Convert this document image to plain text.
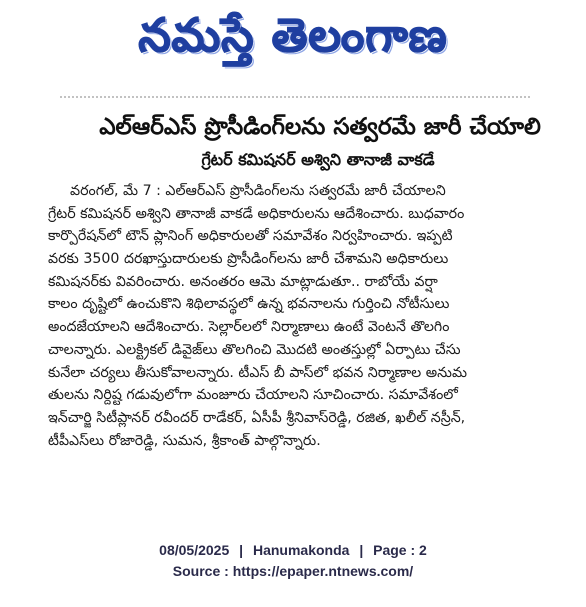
నమస్తే తెలంగాణ
ఎల్ఆర్ఎస్ ప్రొసీడింగ్‌లను సత్వరమే జారీ చేయాలి
గ్రేటర్ కమిషనర్ అశ్విని తానాజీ వాకడే
వరంగల్, మే 7 : ఎల్ఆర్ఎస్ ప్రొసీడింగ్‌లను సత్వరమే జారీ చేయాలని
గ్రేటర్ కమిషనర్ అశ్విని తానాజీ వాకడే అధికారులను ఆదేశించారు. బుధవారం
కార్పొరేషన్‌లో టౌన్ ప్లానింగ్ అధికారులతో సమావేశం నిర్వహించారు. ఇప్పటి
వరకు 3500 దరఖాస్తుదారులకు ప్రొసీడింగ్‌లను జారీ చేశామని అధికారులు
కమిషనర్‌కు వివరించారు. అనంతరం ఆమె మాట్లాడుతూ.. రాబోయే వర్షా
కాలం దృష్టిలో ఉంచుకొని శిథిలావస్థలో ఉన్న భవనాలను గుర్తించి నోటీసులు
అందజేయాలని ఆదేశించారు. సెల్లార్‌లలో నిర్మాణాలు ఉంటే వెంటనే తొలగిం
చాలన్నారు. ఎలక్ట్రికల్ డివైజ్‌లు తొలగించి మొదటి అంతస్తుల్లో ఏర్పాటు చేసు
కునేలా చర్యలు తీసుకోవాలన్నారు. టీఎస్ బీ పాస్‌లో భవన నిర్మాణాల అనుమ
తులను నిర్దిష్ట గడువులోగా మంజూరు చేయాలని సూచించారు. సమావేశంలో
ఇన్‌చార్జి సిటీప్లానర్ రవీందర్ రాడేకర్, ఏసీపీ శ్రీనివాస్‌రెడ్డి, రజిత, ఖలీల్ నస్రీన్,
టీపీఎస్‌లు రోజారెడ్డి, సుమన, శ్రీకాంత్ పాల్గొన్నారు.
08/05/2025 | Hanumakonda | Page : 2
Source : https://epaper.ntnews.com/
